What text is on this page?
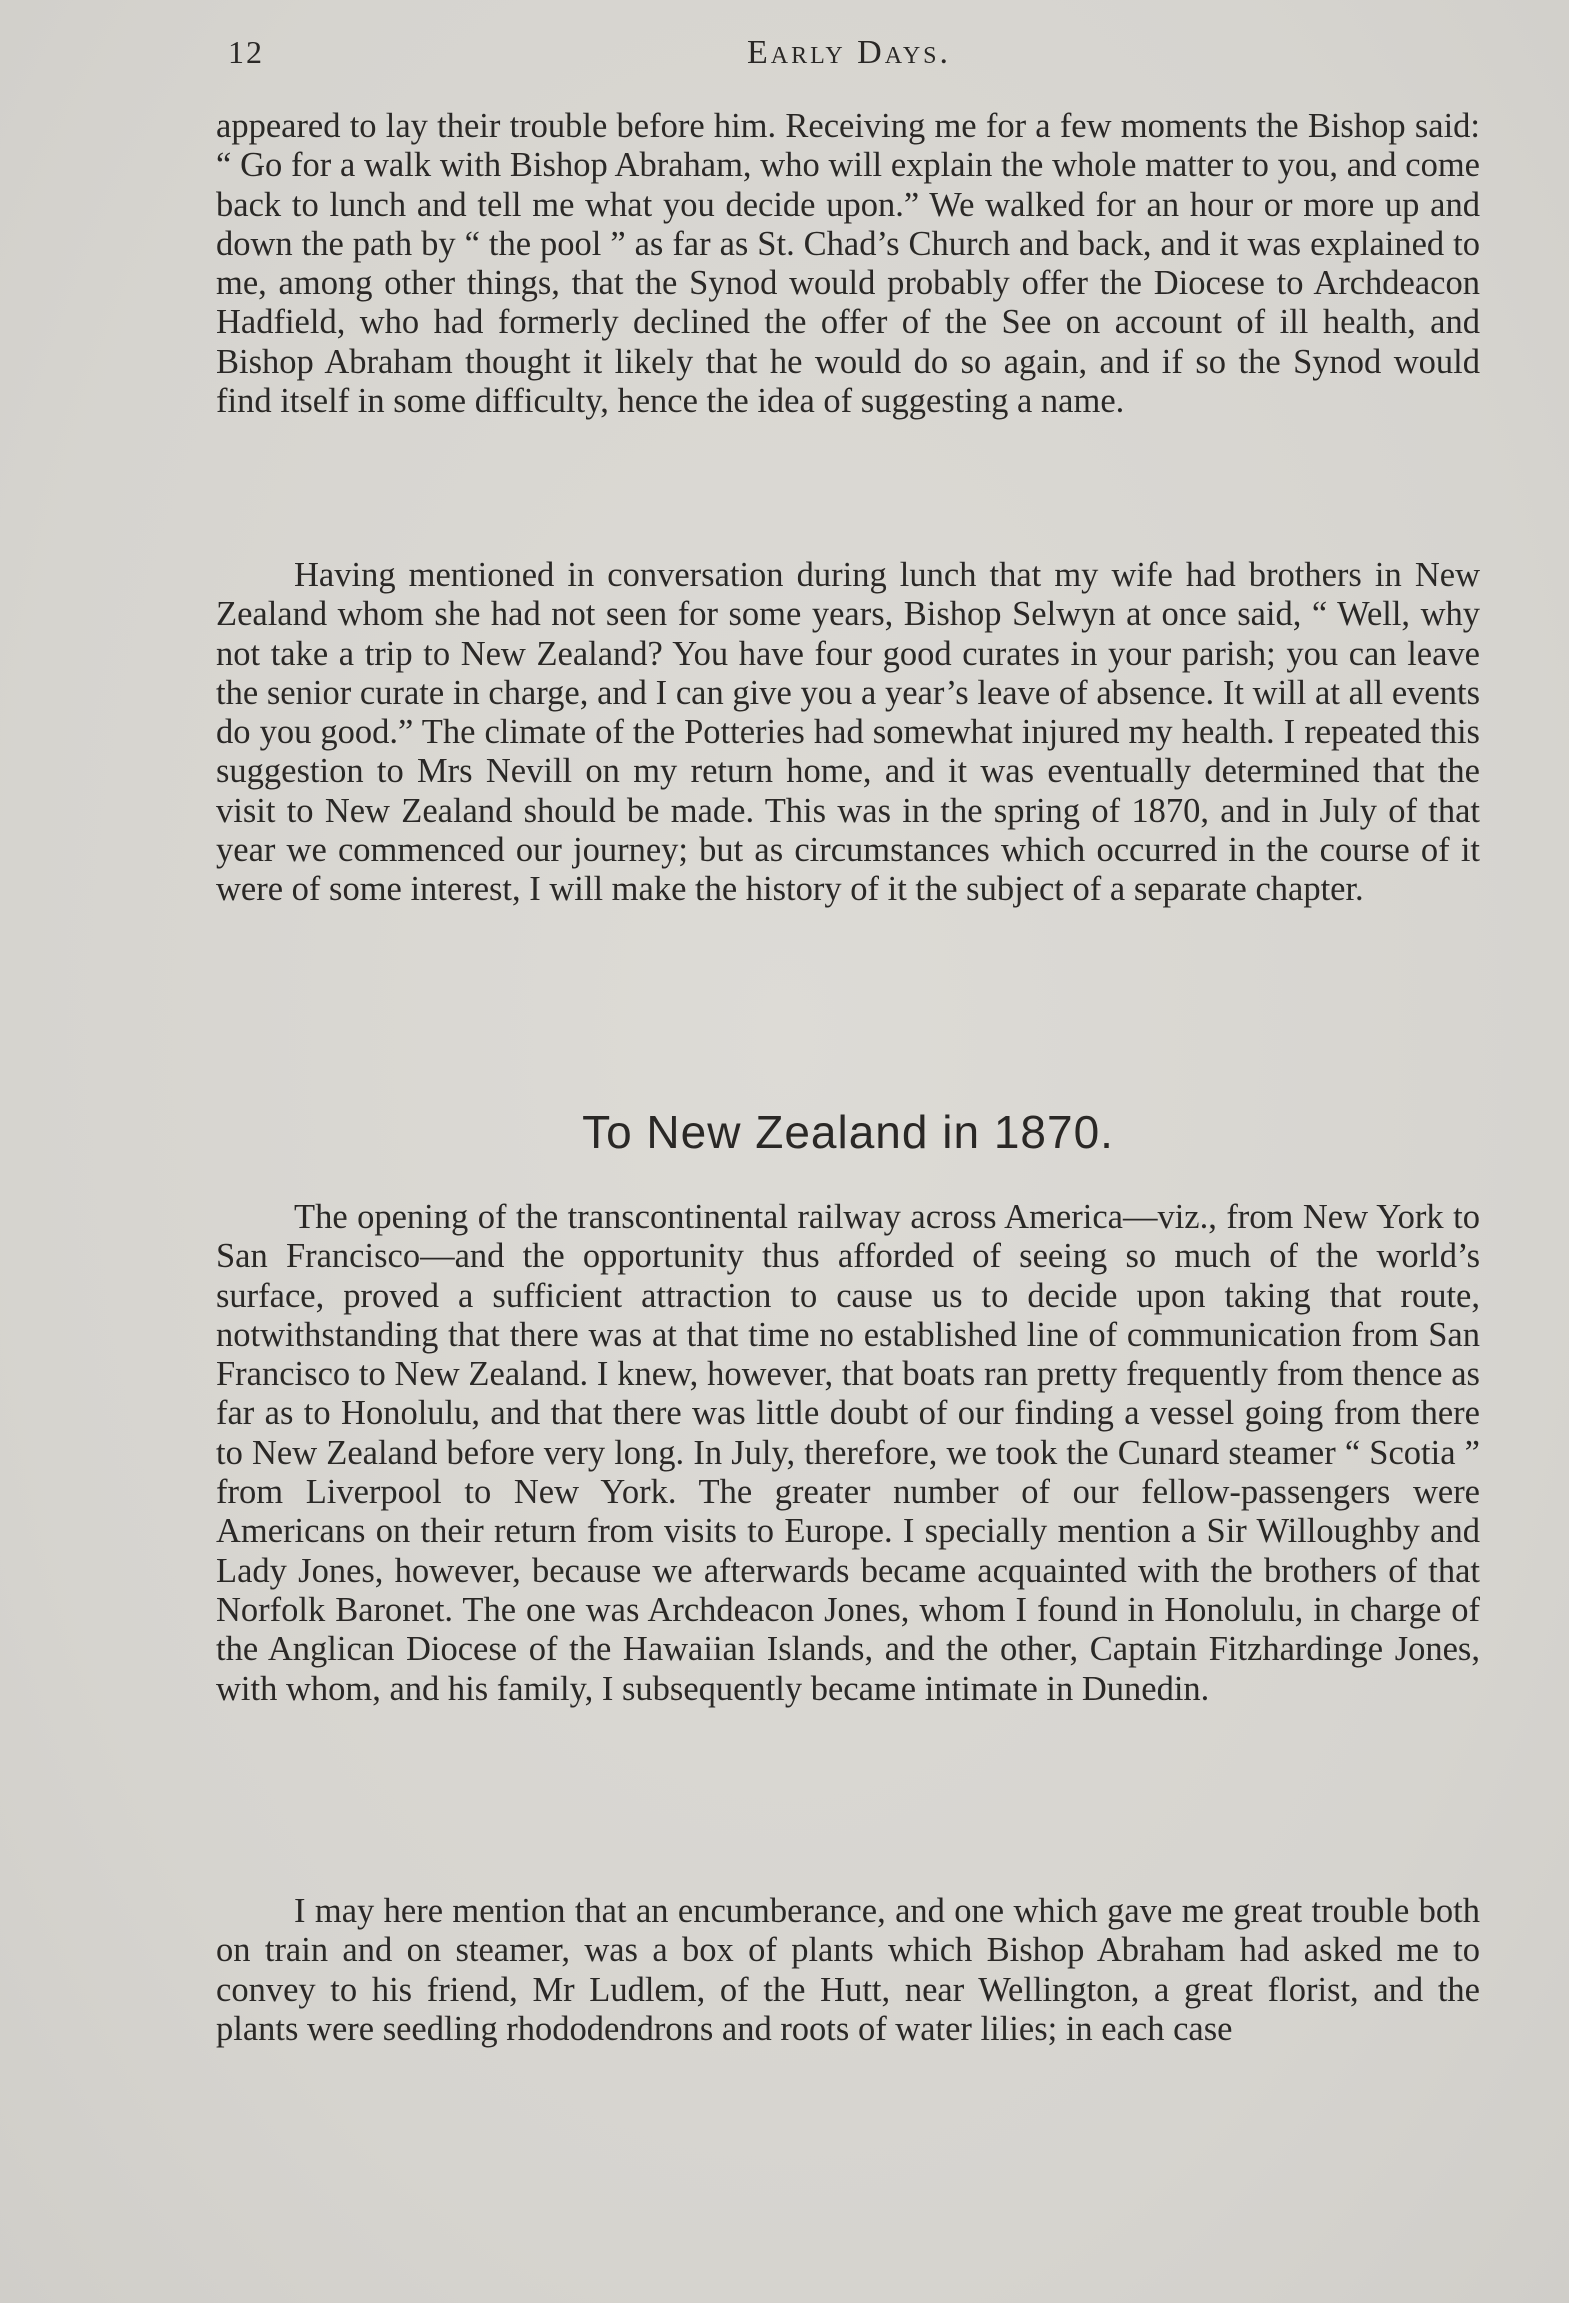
12	Early Days.

appeared to lay their trouble before him. Receiving me for a few moments the Bishop said: “ Go for a walk with Bishop Abraham, who will explain the whole matter to you, and come back to lunch and tell me what you decide upon.” We walked for an hour or more up and down the path by “ the pool ” as far as St. Chad’s Church and back, and it was explained to me, among other things, that the Synod would probably offer the Diocese to Archdeacon Hadfield, who had formerly declined the offer of the See on account of ill health, and Bishop Abraham thought it likely that he would do so again, and if so the Synod would find itself in some difficulty, hence the idea of suggesting a name.

Having mentioned in conversation during lunch that my wife had brothers in New Zealand whom she had not seen for some years, Bishop Selwyn at once said, “ Well, why not take a trip to New Zealand? You have four good curates in your parish; you can leave the senior curate in charge, and I can give you a year’s leave of absence. It will at all events do you good.” The climate of the Potteries had somewhat injured my health. I repeated this suggestion to Mrs Nevill on my return home, and it was eventually determined that the visit to New Zealand should be made. This was in the spring of 1870, and in July of that year we commenced our journey; but as circumstances which occurred in the course of it were of some interest, I will make the history of it the subject of a separate chapter.

To New Zealand in 1870.

The opening of the transcontinental railway across America—viz., from New York to San Francisco—and the opportunity thus afforded of seeing so much of the world’s surface, proved a sufficient attraction to cause us to decide upon taking that route, notwithstanding that there was at that time no established line of communication from San Francisco to New Zealand. I knew, however, that boats ran pretty frequently from thence as far as to Honolulu, and that there was little doubt of our finding a vessel going from there to New Zealand before very long. In July, therefore, we took the Cunard steamer “ Scotia ” from Liverpool to New York. The greater number of our fellow-passengers were Americans on their return from visits to Europe. I specially mention a Sir Willoughby and Lady Jones, however, because we afterwards became acquainted with the brothers of that Norfolk Baronet. The one was Archdeacon Jones, whom I found in Honolulu, in charge of the Anglican Diocese of the Hawaiian Islands, and the other, Captain Fitzhardinge Jones, with whom, and his family, I subsequently became intimate in Dunedin.

I may here mention that an encumberance, and one which gave me great trouble both on train and on steamer, was a box of plants which Bishop Abraham had asked me to convey to his friend, Mr Ludlem, of the Hutt, near Wellington, a great florist, and the plants were seedling rhododendrons and roots of water lilies; in each case
